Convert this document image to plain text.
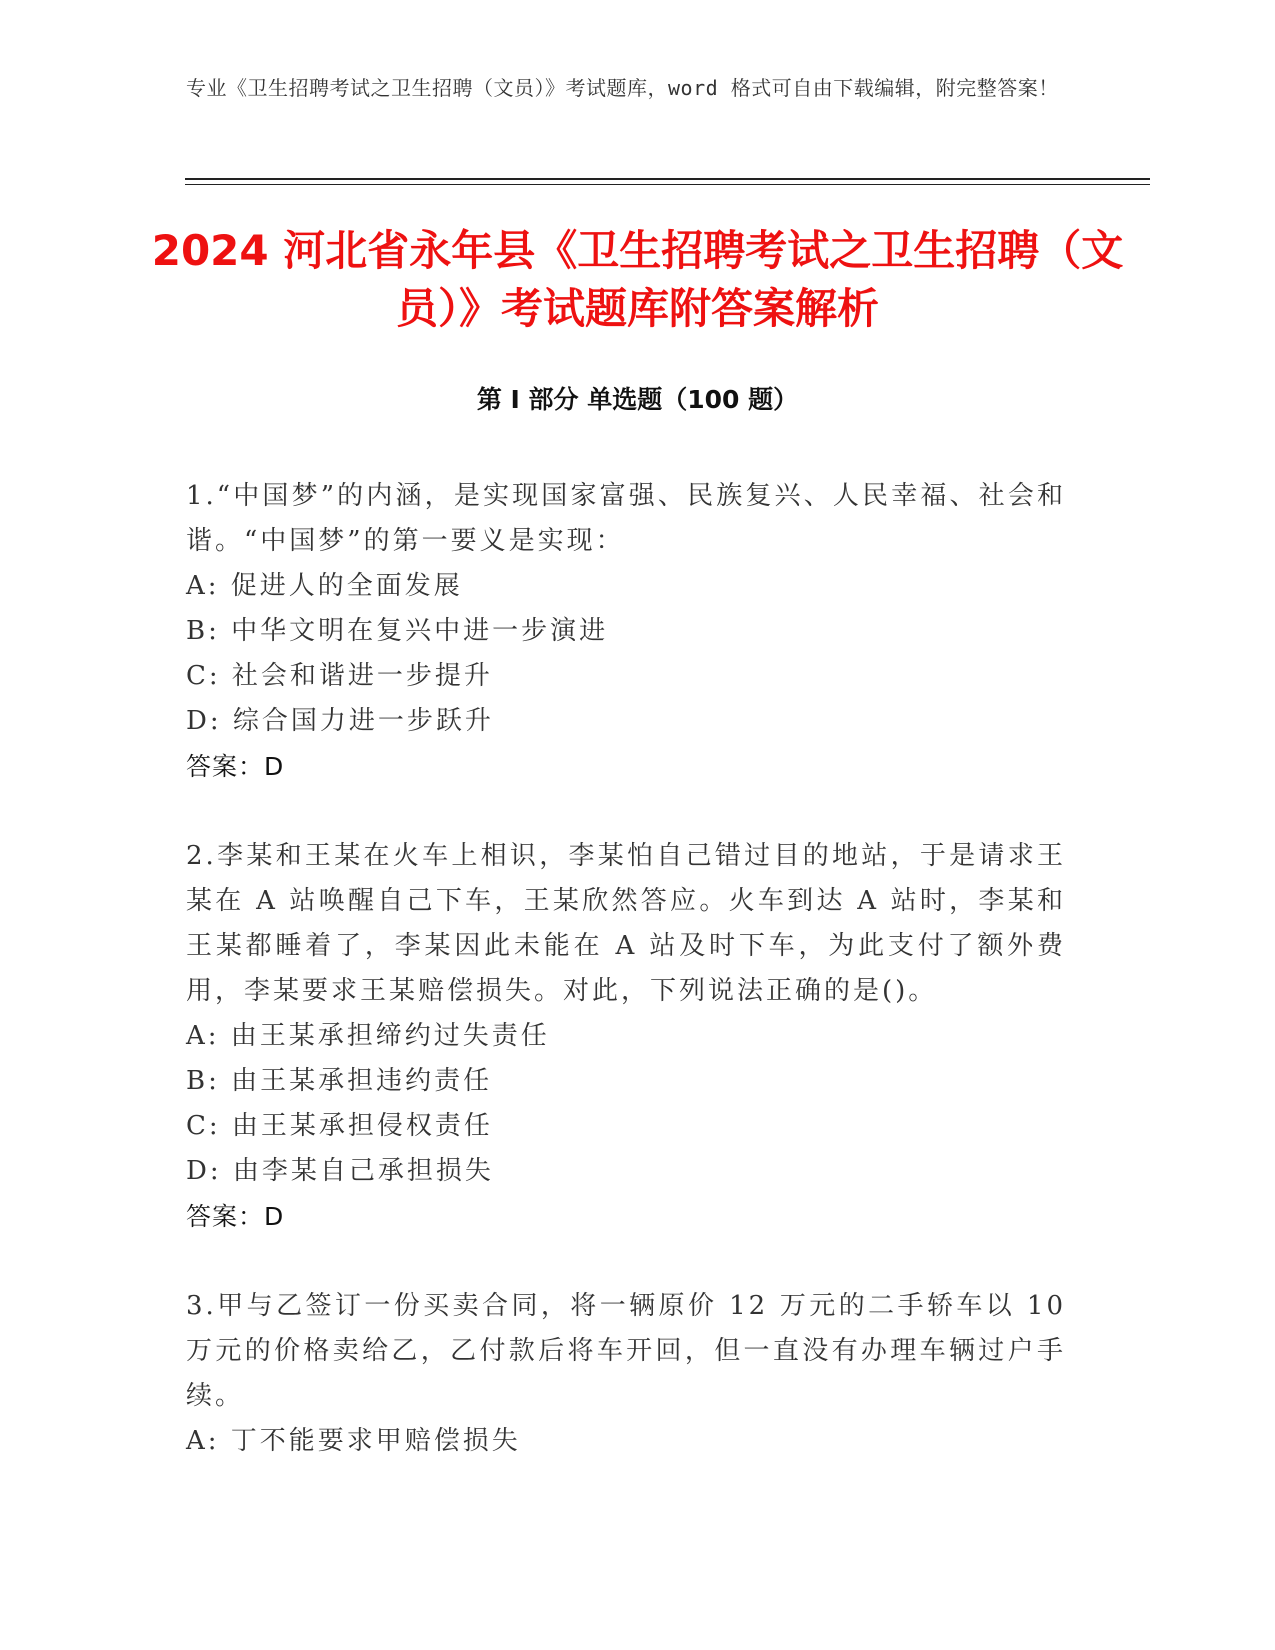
专业《卫生招聘考试之卫生招聘（文员）》考试题库，word 格式可自由下载编辑，附完整答案！
2024 河北省永年县《卫生招聘考试之卫生招聘（文员）》考试题库附答案解析
第 I 部分 单选题（100 题）
1.“中国梦”的内涵，是实现国家富强、民族复兴、人民幸福、社会和谐。“中国梦”的第一要义是实现：
A: 促进人的全面发展
B: 中华文明在复兴中进一步演进
C: 社会和谐进一步提升
D: 综合国力进一步跃升
答案：D
2.李某和王某在火车上相识，李某怕自己错过目的地站，于是请求王某在 A 站唤醒自己下车，王某欣然答应。火车到达 A 站时，李某和王某都睡着了，李某因此未能在 A 站及时下车，为此支付了额外费用，李某要求王某赔偿损失。对此，下列说法正确的是()。
A: 由王某承担缔约过失责任
B: 由王某承担违约责任
C: 由王某承担侵权责任
D: 由李某自己承担损失
答案：D
3.甲与乙签订一份买卖合同，将一辆原价 12 万元的二手轿车以 10 万元的价格卖给乙，乙付款后将车开回，但一直没有办理车辆过户手续。
A: 丁不能要求甲赔偿损失
